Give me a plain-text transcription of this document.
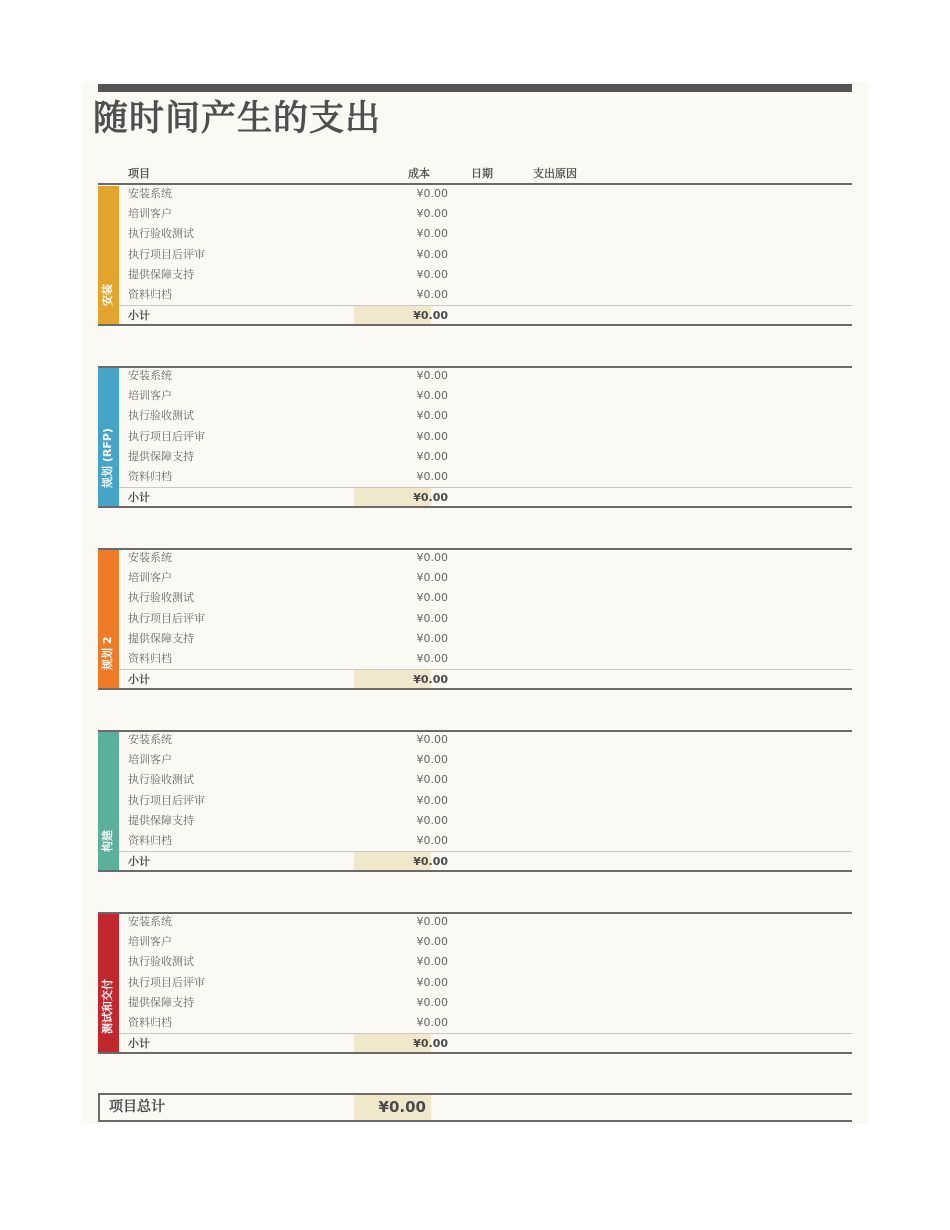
随时间产生的支出
项目	成本	日期	支出原因
安装
安装系统	¥0.00
培训客户	¥0.00
执行验收测试	¥0.00
执行项目后评审	¥0.00
提供保障支持	¥0.00
资料归档	¥0.00
小计	¥0.00
规划 (RFP)
安装系统	¥0.00
培训客户	¥0.00
执行验收测试	¥0.00
执行项目后评审	¥0.00
提供保障支持	¥0.00
资料归档	¥0.00
小计	¥0.00
规划 2
安装系统	¥0.00
培训客户	¥0.00
执行验收测试	¥0.00
执行项目后评审	¥0.00
提供保障支持	¥0.00
资料归档	¥0.00
小计	¥0.00
构建
安装系统	¥0.00
培训客户	¥0.00
执行验收测试	¥0.00
执行项目后评审	¥0.00
提供保障支持	¥0.00
资料归档	¥0.00
小计	¥0.00
测试和交付
安装系统	¥0.00
培训客户	¥0.00
执行验收测试	¥0.00
执行项目后评审	¥0.00
提供保障支持	¥0.00
资料归档	¥0.00
小计	¥0.00
项目总计	¥0.00
